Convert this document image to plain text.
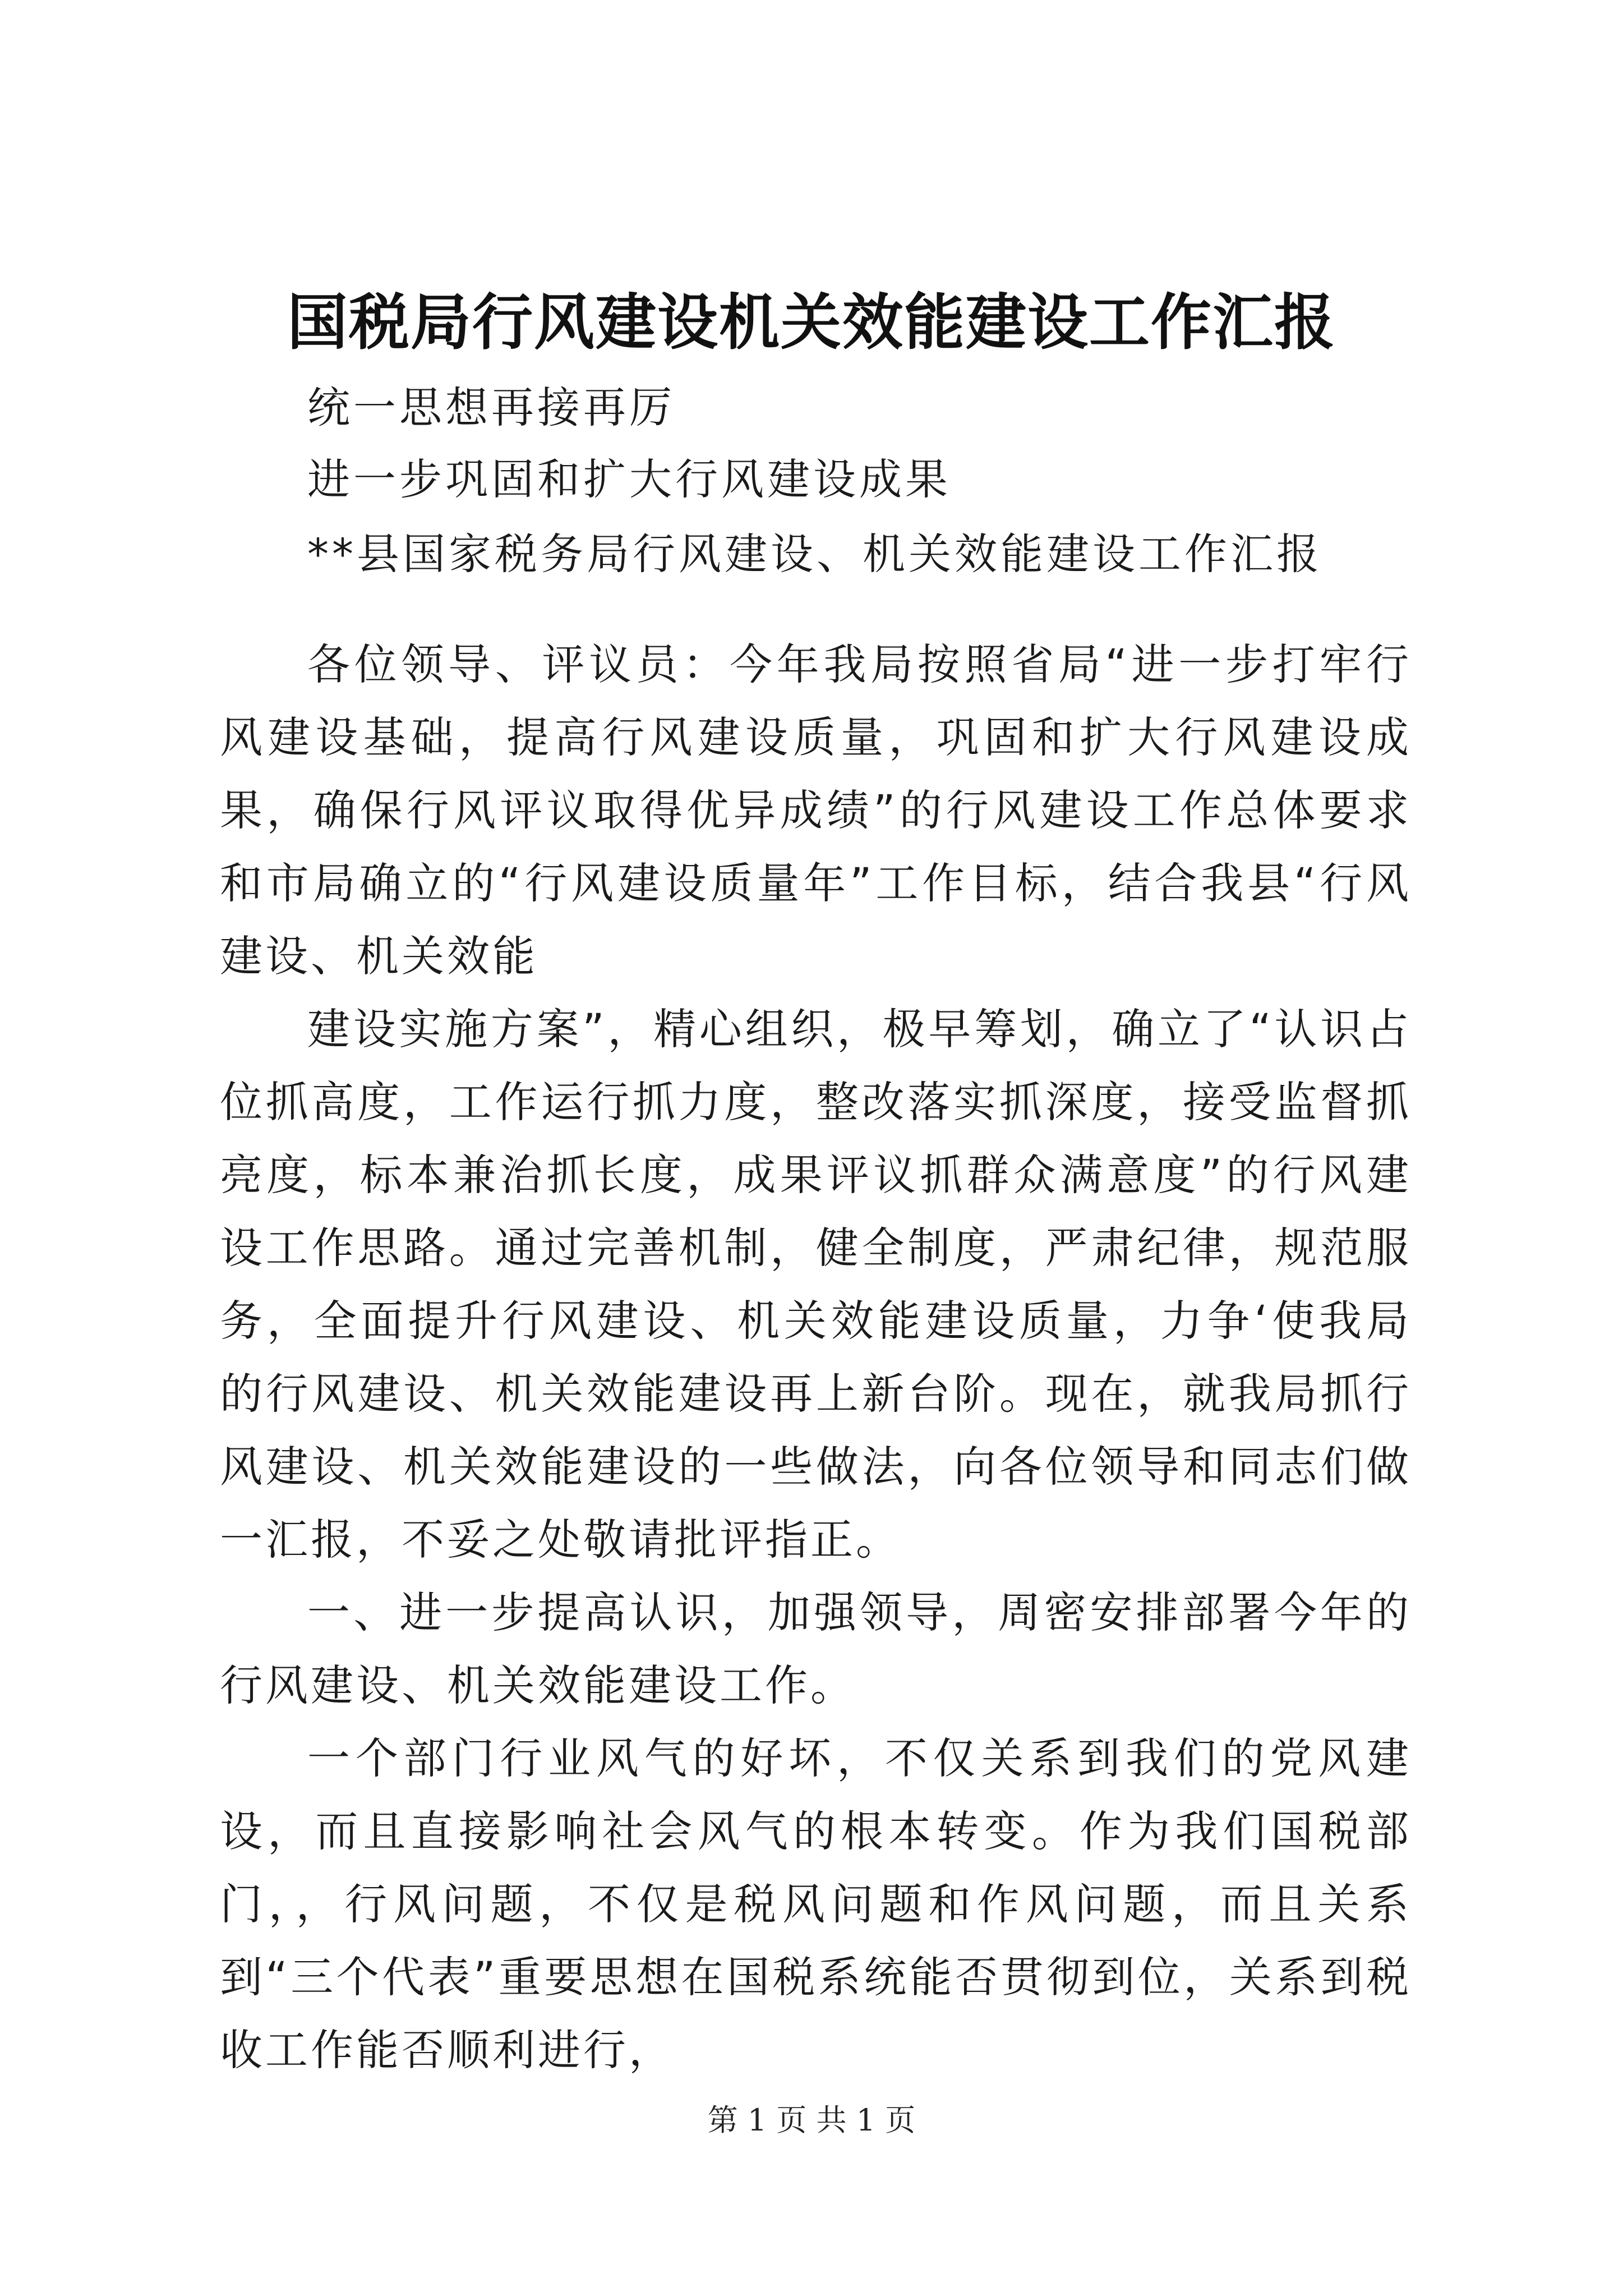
国税局行风建设机关效能建设工作汇报
统一思想再接再厉
进一步巩固和扩大行风建设成果
**县国家税务局行风建设、机关效能建设工作汇报

各位领导、评议员：今年我局按照省局“进一步打牢行风建设基础，提高行风建设质量，巩固和扩大行风建设成果，确保行风评议取得优异成绩”的行风建设工作总体要求和市局确立的“行风建设质量年”工作目标，结合我县“行风建设、机关效能

建设实施方案”，精心组织，极早筹划，确立了“认识占位抓高度，工作运行抓力度，整改落实抓深度，接受监督抓亮度，标本兼治抓长度，成果评议抓群众满意度”的行风建设工作思路。通过完善机制，健全制度，严肃纪律，规范服务，全面提升行风建设、机关效能建设质量，力争‘使我局的行风建设、机关效能建设再上新台阶。现在，就我局抓行风建设、机关效能建设的一些做法，向各位领导和同志们做一汇报，不妥之处敬请批评指正。

一、进一步提高认识，加强领导，周密安排部署今年的行风建设、机关效能建设工作。

一个部门行业风气的好坏，不仅关系到我们的党风建设，而且直接影响社会风气的根本转变。作为我们国税部门，，行风问题，不仅是税风问题和作风问题，而且关系到“三个代表”重要思想在国税系统能否贯彻到位，关系到税收工作能否顺利进行，

第 1 页 共 1 页
